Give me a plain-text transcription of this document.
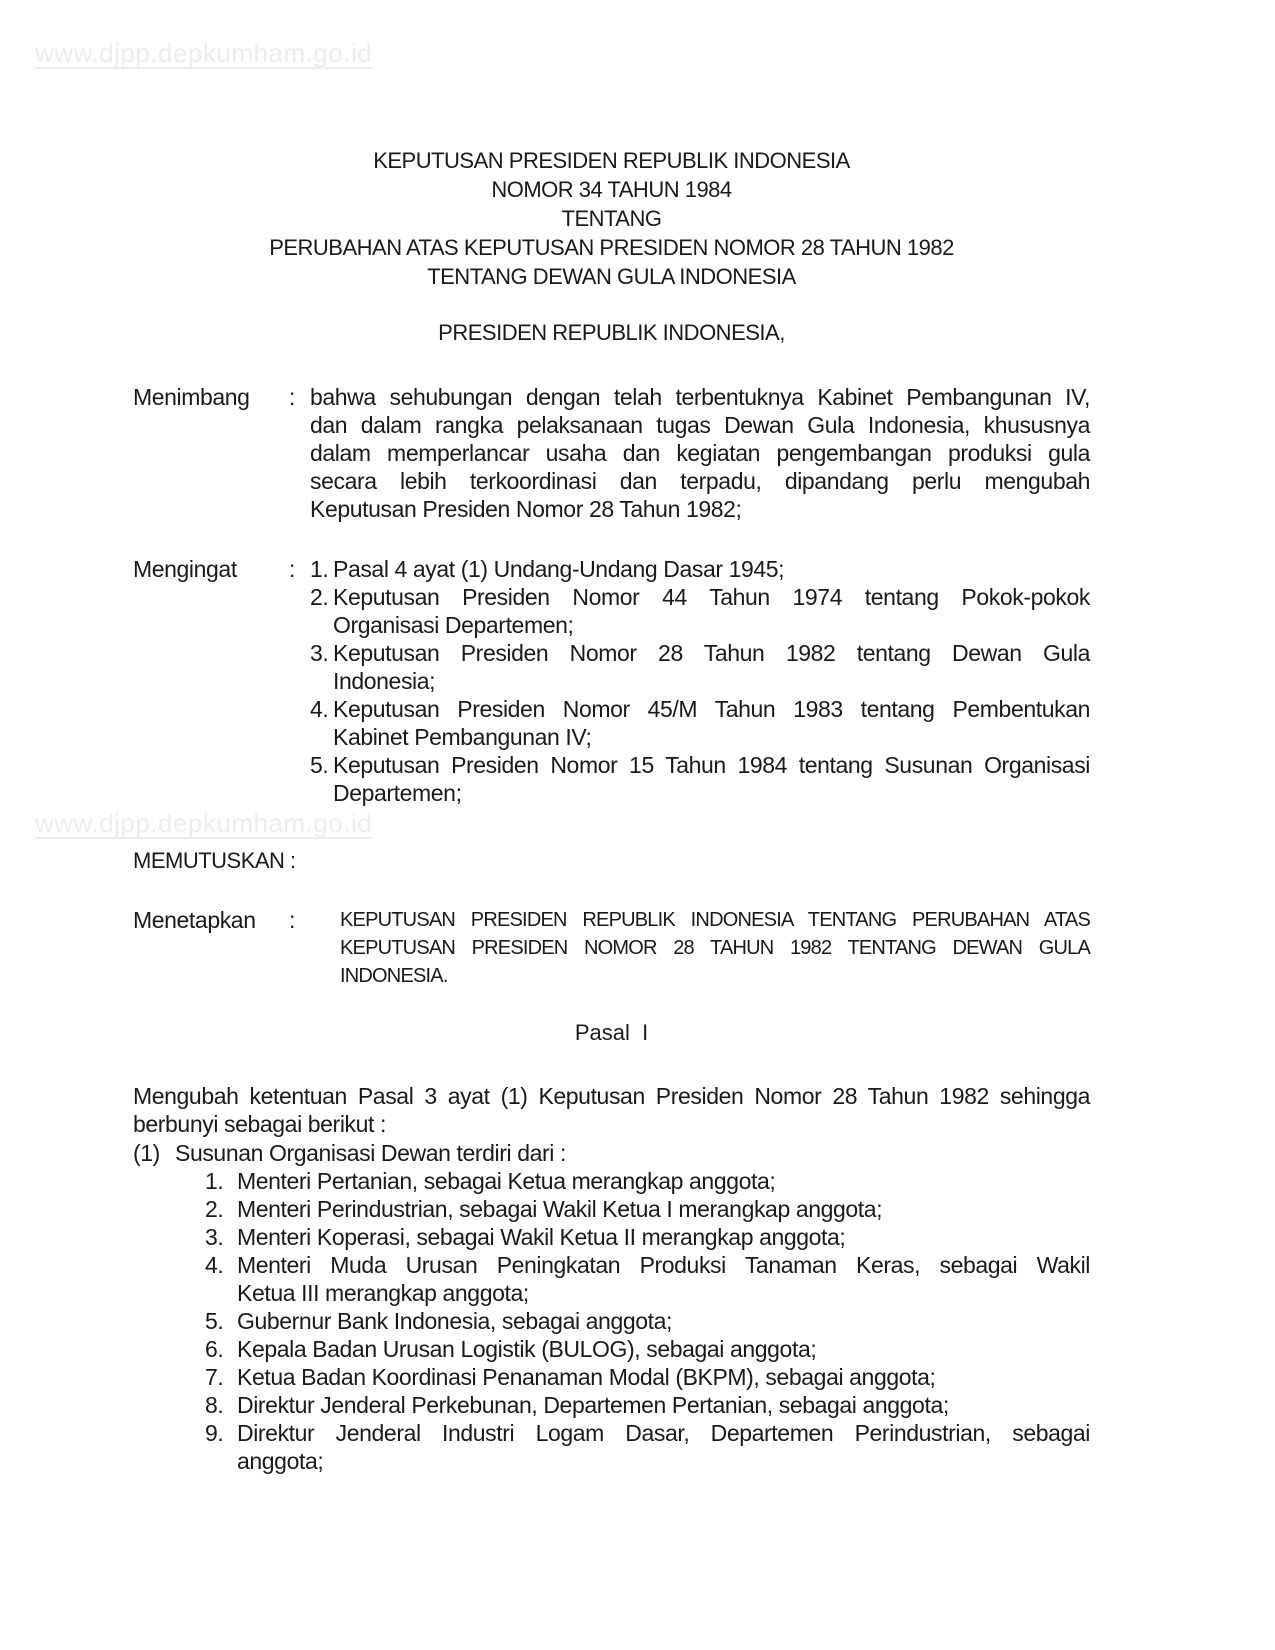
www.djpp.depkumham.go.id
KEPUTUSAN PRESIDEN REPUBLIK INDONESIA
NOMOR 34 TAHUN 1984
TENTANG
PERUBAHAN ATAS KEPUTUSAN PRESIDEN NOMOR 28 TAHUN 1982
TENTANG DEWAN GULA INDONESIA
PRESIDEN REPUBLIK INDONESIA,
Menimbang	: bahwa sehubungan dengan telah terbentuknya Kabinet Pembangunan IV,
dan dalam rangka pelaksanaan tugas Dewan Gula Indonesia, khususnya
dalam memperlancar usaha dan kegiatan pengembangan produksi gula
secara lebih terkoordinasi dan terpadu, dipandang perlu mengubah
Keputusan Presiden Nomor 28 Tahun 1982;
Mengingat	: 1. Pasal 4 ayat (1) Undang-Undang Dasar 1945;
2. Keputusan Presiden Nomor 44 Tahun 1974 tentang Pokok-pokok
Organisasi Departemen;
3. Keputusan Presiden Nomor 28 Tahun 1982 tentang Dewan Gula
Indonesia;
4. Keputusan Presiden Nomor 45/M Tahun 1983 tentang Pembentukan
Kabinet Pembangunan IV;
5. Keputusan Presiden Nomor 15 Tahun 1984 tentang Susunan Organisasi
Departemen;
www.djpp.depkumham.go.id
MEMUTUSKAN :
Menetapkan	:	KEPUTUSAN PRESIDEN REPUBLIK INDONESIA TENTANG PERUBAHAN ATAS
KEPUTUSAN PRESIDEN NOMOR 28 TAHUN 1982 TENTANG DEWAN GULA
INDONESIA.
Pasal  I
Mengubah ketentuan Pasal 3 ayat (1) Keputusan Presiden Nomor 28 Tahun 1982 sehingga
berbunyi sebagai berikut :
(1) Susunan Organisasi Dewan terdiri dari :
1. Menteri Pertanian, sebagai Ketua merangkap anggota;
2. Menteri Perindustrian, sebagai Wakil Ketua I merangkap anggota;
3. Menteri Koperasi, sebagai Wakil Ketua II merangkap anggota;
4. Menteri Muda Urusan Peningkatan Produksi Tanaman Keras, sebagai Wakil
Ketua III merangkap anggota;
5. Gubernur Bank Indonesia, sebagai anggota;
6. Kepala Badan Urusan Logistik (BULOG), sebagai anggota;
7. Ketua Badan Koordinasi Penanaman Modal (BKPM), sebagai anggota;
8. Direktur Jenderal Perkebunan, Departemen Pertanian, sebagai anggota;
9. Direktur Jenderal Industri Logam Dasar, Departemen Perindustrian, sebagai
anggota;
